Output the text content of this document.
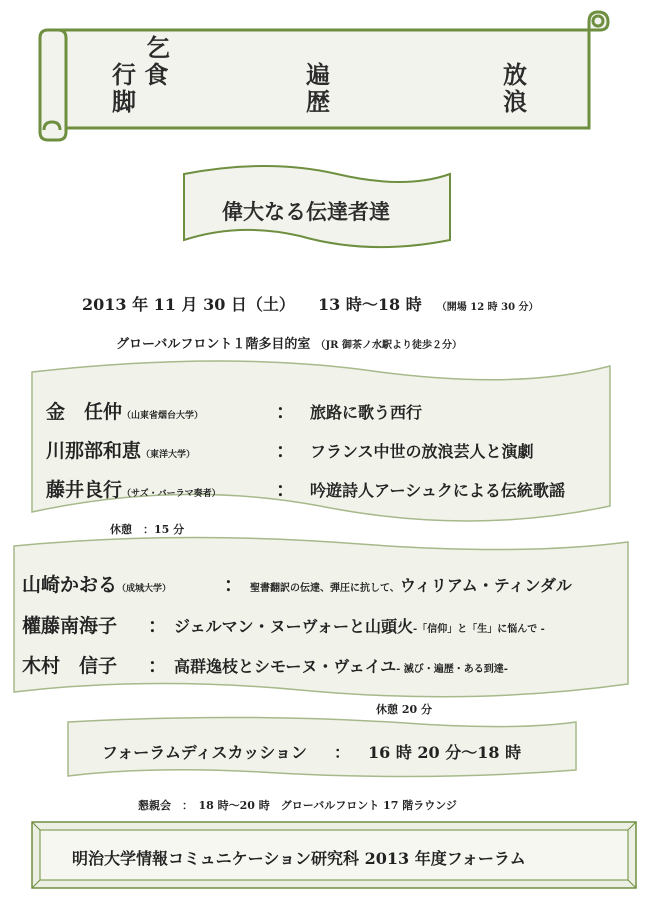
乞
行 食
脚
遍
歴
放
浪
偉大なる伝達者達
2013 年 11 月 30 日（土） 13 時～18 時 （開場 12 時 30 分）
グローバルフロント１階多目的室 （JR 御茶ノ水駅より徒歩２分）
金　任仲（山東省烟台大学）	： 旅路に歌う西行
川那部和恵（東洋大学）	： フランス中世の放浪芸人と演劇
藤井良行（サズ・バーラマ奏者）	： 吟遊詩人アーシュクによる伝統歌謡
休憩　：15 分
山崎かおる（成城大学）	： 聖書翻訳の伝達、弾圧に抗して、ウィリアム・ティンダル
權藤南海子 ： ジェルマン・ヌーヴォーと山頭火-「信仰」と「生」に悩んで -
木村　信子 ： 高群逸枝とシモーヌ・ヴェイユ- 滅び・遍歴・ある到達-
休憩 20 分
フォーラムディスカッション ： 16 時 20 分～18 時
懇親会　：　18 時～20 時　グローバルフロント 17 階ラウンジ
明治大学情報コミュニケーション研究科 2013 年度フォーラム
